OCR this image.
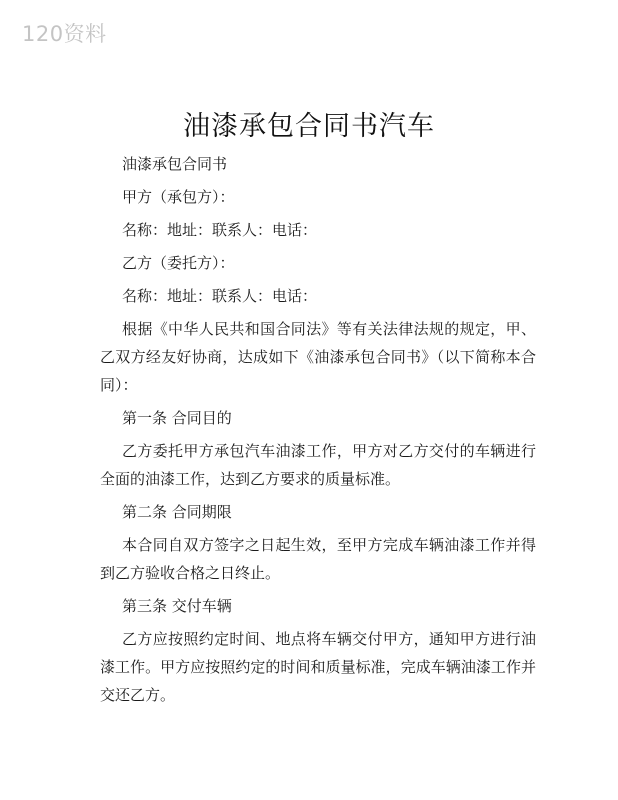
120资料
油漆承包合同书汽车

油漆承包合同书

甲方（承包方）：

名称：地址：联系人：电话：

乙方（委托方）：

名称：地址：联系人：电话：

根据《中华人民共和国合同法》等有关法律法规的规定，甲、乙双方经友好协商，达成如下《油漆承包合同书》（以下简称本合同）：

第一条 合同目的

乙方委托甲方承包汽车油漆工作，甲方对乙方交付的车辆进行全面的油漆工作，达到乙方要求的质量标准。

第二条 合同期限

本合同自双方签字之日起生效，至甲方完成车辆油漆工作并得到乙方验收合格之日终止。

第三条 交付车辆

乙方应按照约定时间、地点将车辆交付甲方，通知甲方进行油漆工作。甲方应按照约定的时间和质量标准，完成车辆油漆工作并交还乙方。
